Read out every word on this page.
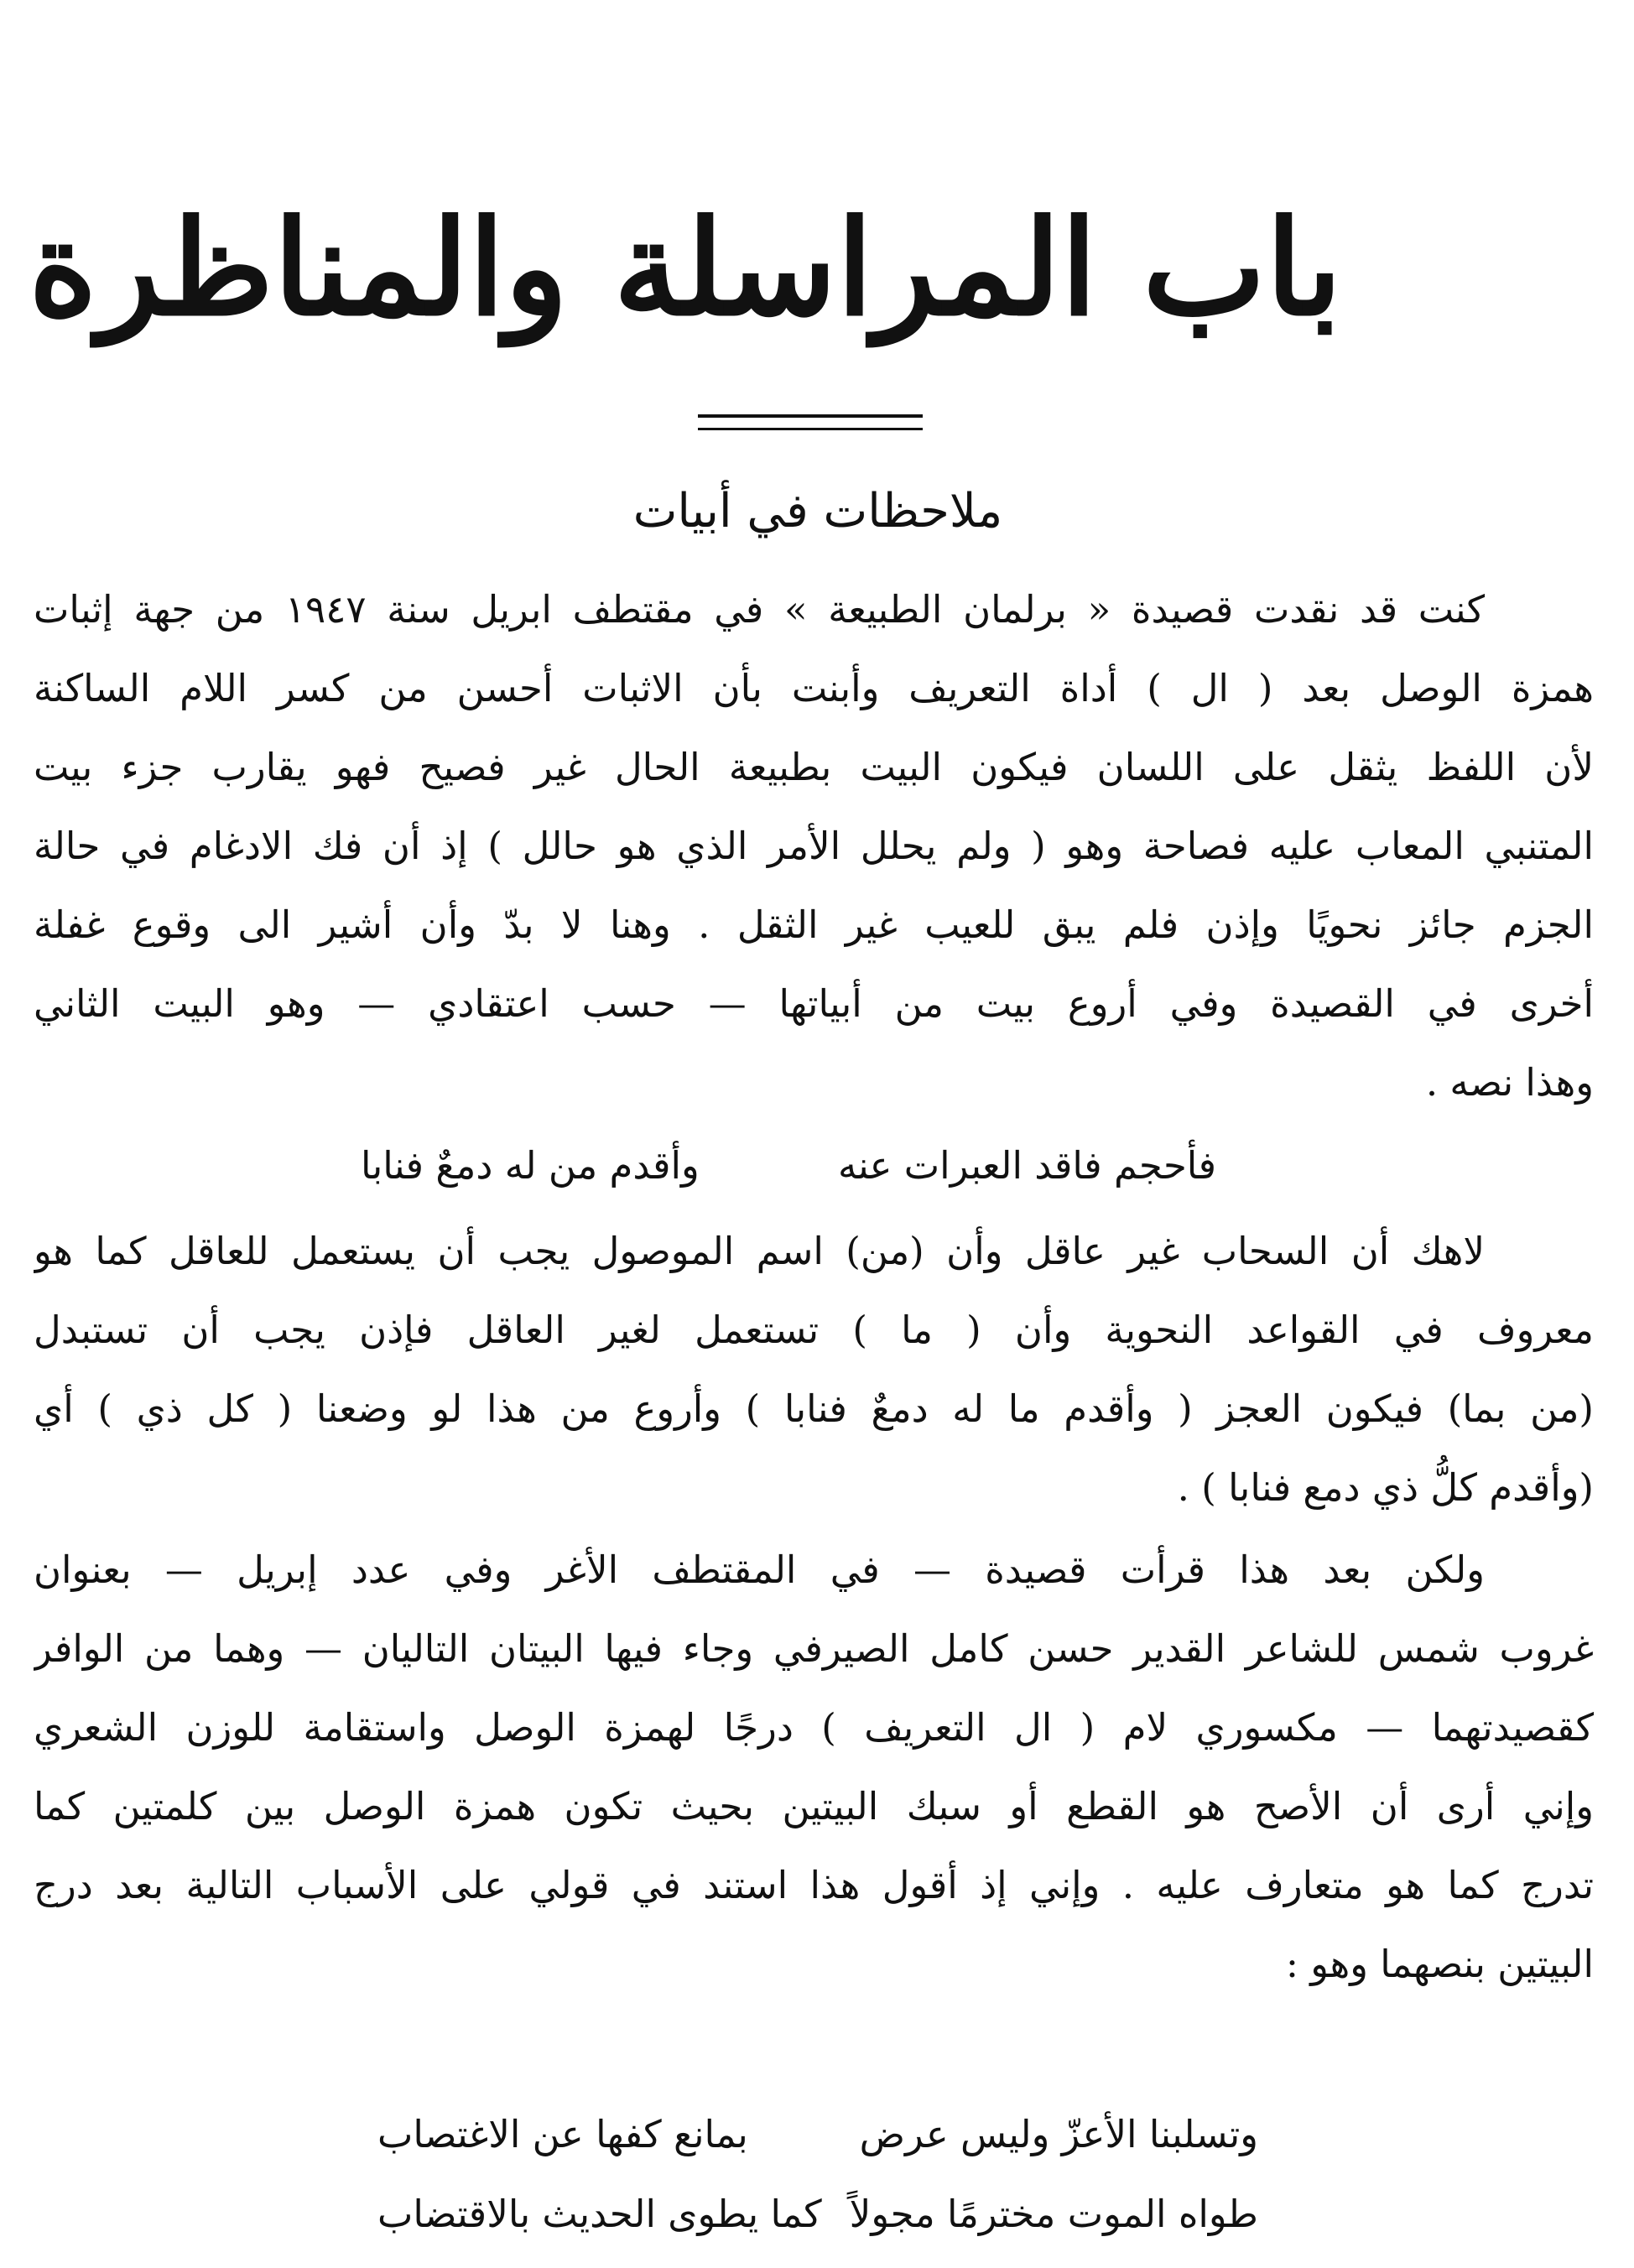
باب المراسلة والمناظرة
ملاحظات في أبيات
كنت قد نقدت قصيدة « برلمان الطبيعة » في مقتطف ابريل سنة ١٩٤٧ من جهة إثبات
همزة الوصل بعد ( ال ) أداة التعريف وأبنت بأن الاثبات أحسن من كسر اللام الساكنة
لأن اللفظ يثقل على اللسان فيكون البيت بطبيعة الحال غير فصيح فهو يقارب جزء بيت
المتنبي المعاب عليه فصاحة وهو ( ولم يحلل الأمر الذي هو حالل ) إذ أن فك الادغام في حالة
الجزم جائز نحويًا وإذن فلم يبق للعيب غير الثقل . وهنا لا بدّ وأن أشير الى وقوع غفلة
أخرى في القصيدة وفي أروع بيت من أبياتها — حسب اعتقادي — وهو البيت الثاني
وهذا نصه .
فأحجم فاقد العبرات عنه
وأقدم من له دمعٌ فنابا
لاهك أن السحاب غير عاقل وأن (من) اسم الموصول يجب أن يستعمل للعاقل كما هو
معروف في القواعد النحوية وأن ( ما ) تستعمل لغير العاقل فإذن يجب أن تستبدل
(من بما) فيكون العجز ( وأقدم ما له دمعٌ فنابا ) وأروع من هذا لو وضعنا ( كل ذي ) أي
(وأقدم كلُّ ذي دمع فنابا ) .
ولكن بعد هذا قرأت قصيدة — في المقتطف الأغر وفي عدد إبريل — بعنوان
غروب شمس للشاعر القدير حسن كامل الصيرفي وجاء فيها البيتان التاليان — وهما من الوافر
كقصيدتهما — مكسوري لام ( ال التعريف ) درجًا لهمزة الوصل واستقامة للوزن الشعري
وإني أرى أن الأصح هو القطع أو سبك البيتين بحيث تكون همزة الوصل بين كلمتين كما
تدرج كما هو متعارف عليه . وإني إذ أقول هذا استند في قولي على الأسباب التالية بعد درج
البيتين بنصهما وهو :
وتسلبنا الأعزّ وليس عرض
بمانع كفها عن الاغتصاب
طواه الموت مخترمًا مجولاً
كما يطوى الحديث بالاقتضاب
